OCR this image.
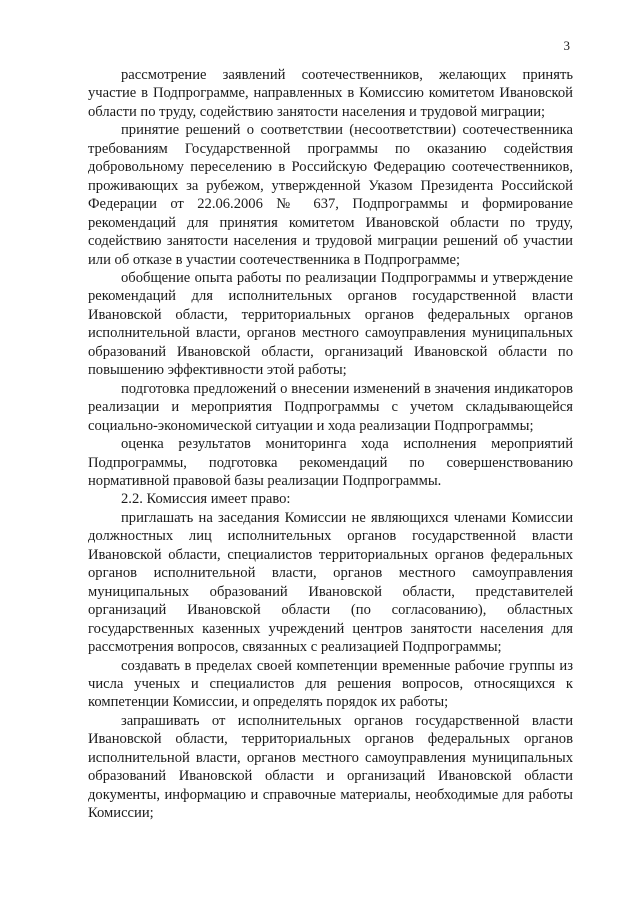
3

рассмотрение заявлений соотечественников, желающих принять участие в Подпрограмме, направленных в Комиссию комитетом Ивановской области по труду, содействию занятости населения и трудовой миграции;

принятие решений о соответствии (несоответствии) соотечественника требованиям Государственной программы по оказанию содействия добровольному переселению в Российскую Федерацию соотечественников, проживающих за рубежом, утвержденной Указом Президента Российской Федерации от 22.06.2006 № 637, Подпрограммы и формирование рекомендаций для принятия комитетом Ивановской области по труду, содействию занятости населения и трудовой миграции решений об участии или об отказе в участии соотечественника в Подпрограмме;

обобщение опыта работы по реализации Подпрограммы и утверждение рекомендаций для исполнительных органов государственной власти Ивановской области, территориальных органов федеральных органов исполнительной власти, органов местного самоуправления муниципальных образований Ивановской области, организаций Ивановской области по повышению эффективности этой работы;

подготовка предложений о внесении изменений в значения индикаторов реализации и мероприятия Подпрограммы с учетом складывающейся социально-экономической ситуации и хода реализации Подпрограммы;

оценка результатов мониторинга хода исполнения мероприятий Подпрограммы, подготовка рекомендаций по совершенствованию нормативной правовой базы реализации Подпрограммы.

2.2. Комиссия имеет право:

приглашать на заседания Комиссии не являющихся членами Комиссии должностных лиц исполнительных органов государственной власти Ивановской области, специалистов территориальных органов федеральных органов исполнительной власти, органов местного самоуправления муниципальных образований Ивановской области, представителей организаций Ивановской области (по согласованию), областных государственных казенных учреждений центров занятости населения для рассмотрения вопросов, связанных с реализацией Подпрограммы;

создавать в пределах своей компетенции временные рабочие группы из числа ученых и специалистов для решения вопросов, относящихся к компетенции Комиссии, и определять порядок их работы;

запрашивать от исполнительных органов государственной власти Ивановской области, территориальных органов федеральных органов исполнительной власти, органов местного самоуправления муниципальных образований Ивановской области и организаций Ивановской области документы, информацию и справочные материалы, необходимые для работы Комиссии;
